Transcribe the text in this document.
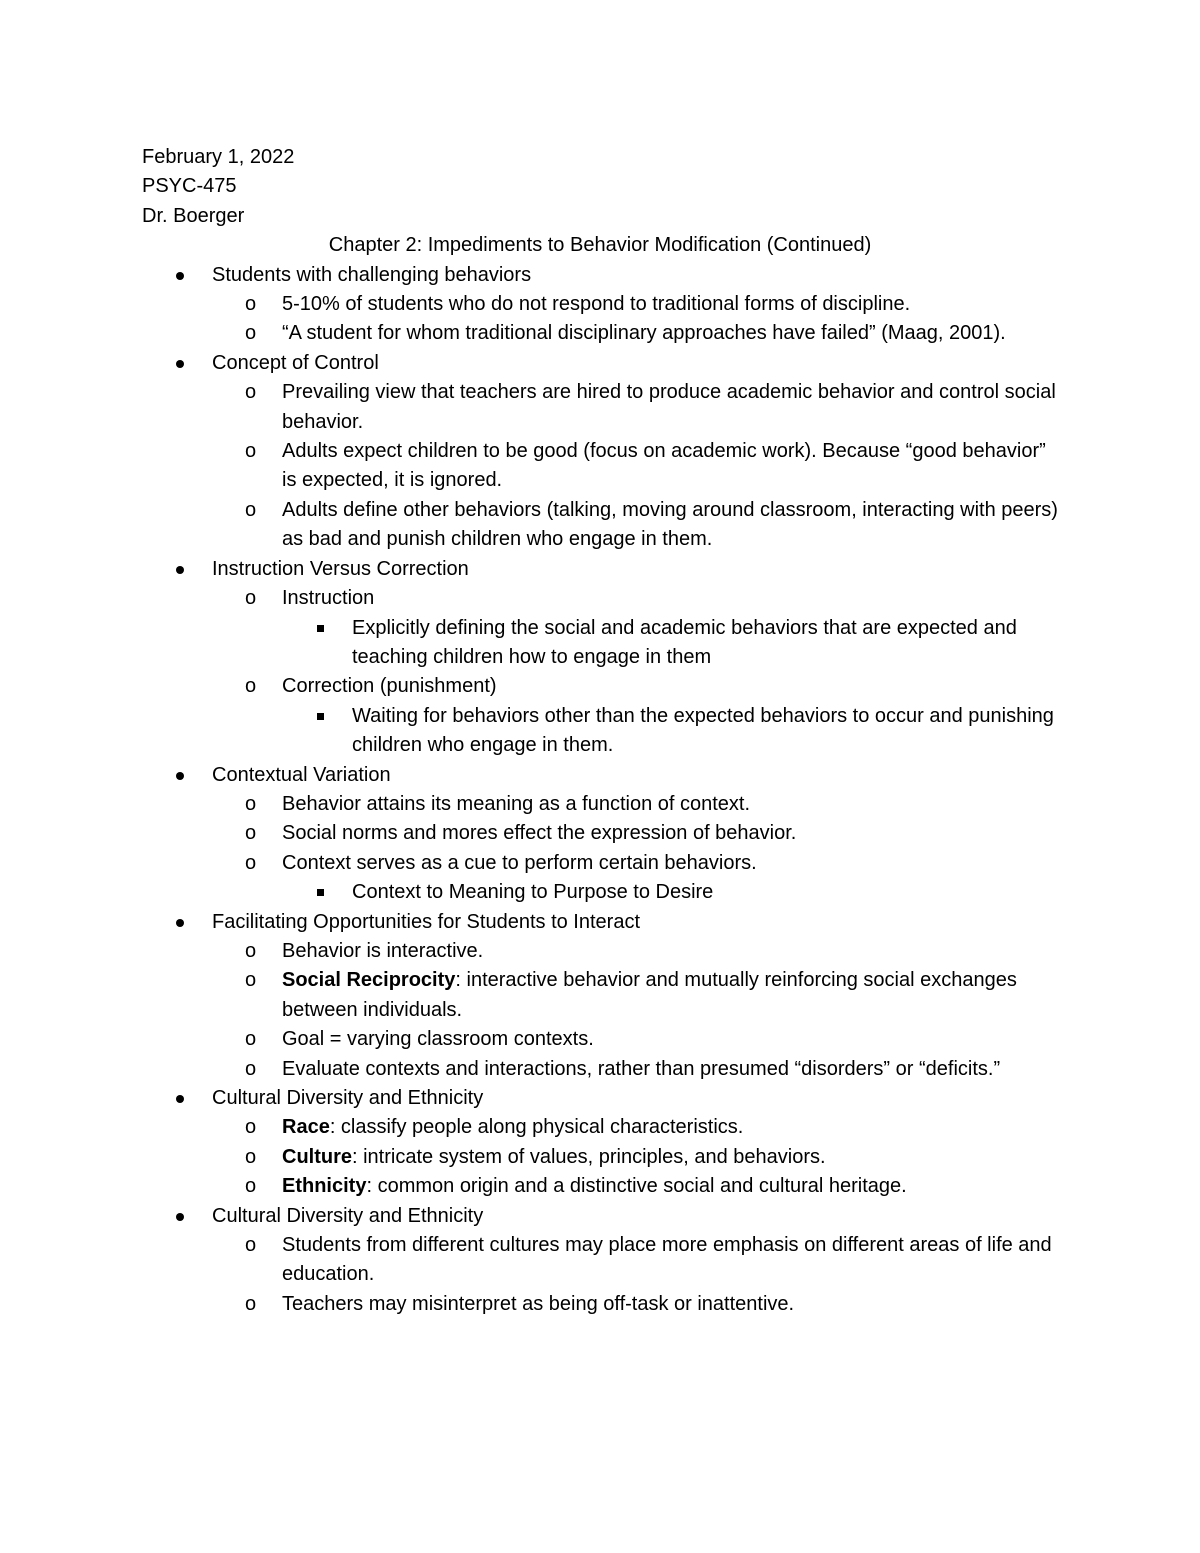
February 1, 2022
PSYC-475
Dr. Boerger
Chapter 2: Impediments to Behavior Modification (Continued)
Students with challenging behaviors
o 5-10% of students who do not respond to traditional forms of discipline.
o “A student for whom traditional disciplinary approaches have failed” (Maag, 2001).
Concept of Control
o Prevailing view that teachers are hired to produce academic behavior and control social behavior.
o Adults expect children to be good (focus on academic work). Because “good behavior” is expected, it is ignored.
o Adults define other behaviors (talking, moving around classroom, interacting with peers) as bad and punish children who engage in them.
Instruction Versus Correction
o Instruction
Explicitly defining the social and academic behaviors that are expected and teaching children how to engage in them
o Correction (punishment)
Waiting for behaviors other than the expected behaviors to occur and punishing children who engage in them.
Contextual Variation
o Behavior attains its meaning as a function of context.
o Social norms and mores effect the expression of behavior.
o Context serves as a cue to perform certain behaviors.
Context to Meaning to Purpose to Desire
Facilitating Opportunities for Students to Interact
o Behavior is interactive.
o Social Reciprocity: interactive behavior and mutually reinforcing social exchanges between individuals.
o Goal = varying classroom contexts.
o Evaluate contexts and interactions, rather than presumed “disorders” or “deficits.”
Cultural Diversity and Ethnicity
o Race: classify people along physical characteristics.
o Culture: intricate system of values, principles, and behaviors.
o Ethnicity: common origin and a distinctive social and cultural heritage.
Cultural Diversity and Ethnicity
o Students from different cultures may place more emphasis on different areas of life and education.
o Teachers may misinterpret as being off-task or inattentive.
